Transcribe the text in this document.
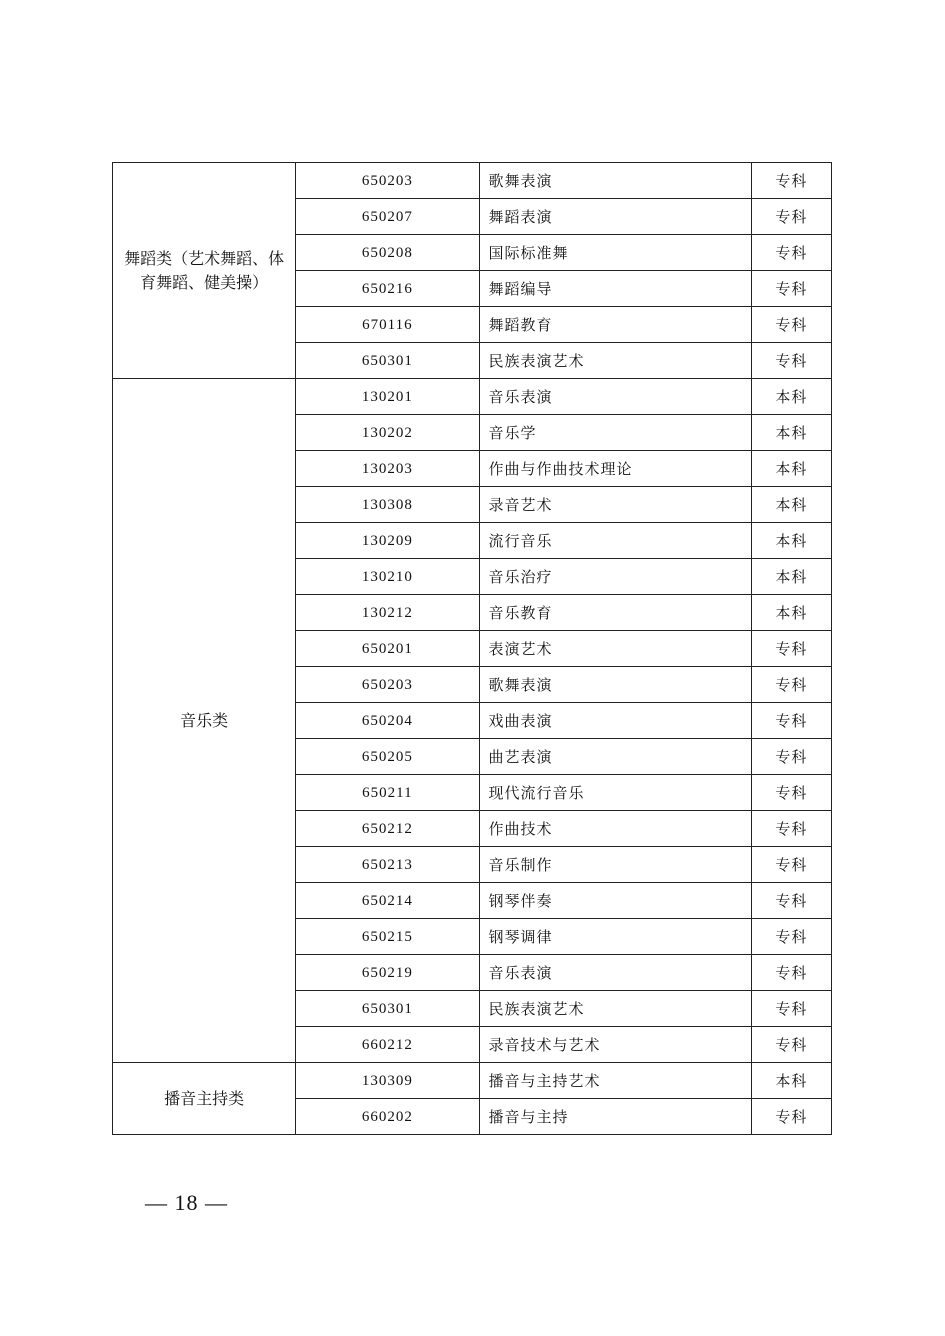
舞蹈类（艺术舞蹈、体育舞蹈、健美操）	650203	歌舞表演	专科
	650207	舞蹈表演	专科
	650208	国际标准舞	专科
	650216	舞蹈编导	专科
	670116	舞蹈教育	专科
	650301	民族表演艺术	专科
音乐类	130201	音乐表演	本科
	130202	音乐学	本科
	130203	作曲与作曲技术理论	本科
	130308	录音艺术	本科
	130209	流行音乐	本科
	130210	音乐治疗	本科
	130212	音乐教育	本科
	650201	表演艺术	专科
	650203	歌舞表演	专科
	650204	戏曲表演	专科
	650205	曲艺表演	专科
	650211	现代流行音乐	专科
	650212	作曲技术	专科
	650213	音乐制作	专科
	650214	钢琴伴奏	专科
	650215	钢琴调律	专科
	650219	音乐表演	专科
	650301	民族表演艺术	专科
	660212	录音技术与艺术	专科
播音主持类	130309	播音与主持艺术	本科
	660202	播音与主持	专科
— 18 —
